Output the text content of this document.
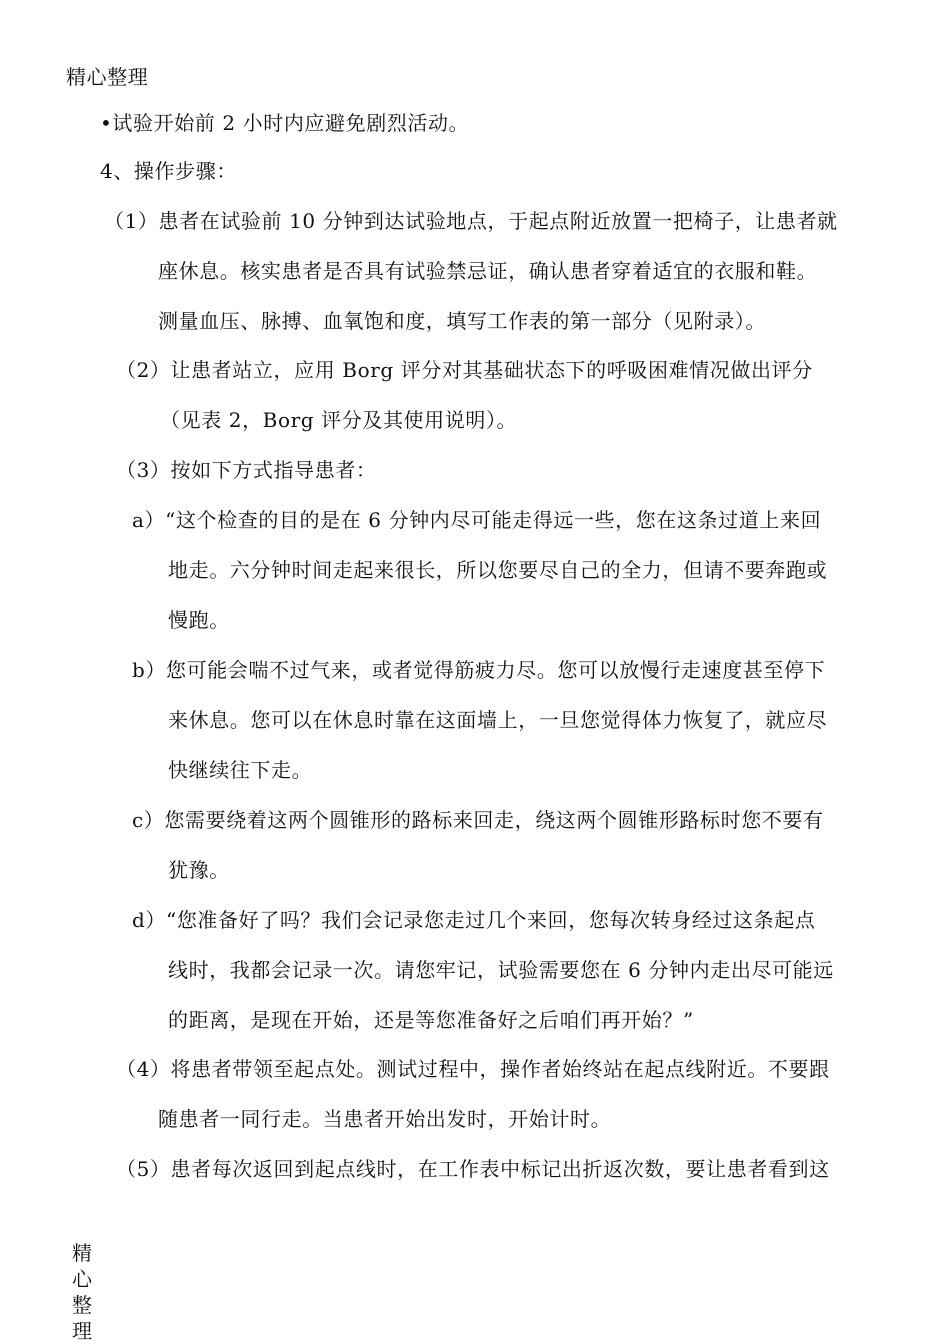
精心整理
•试验开始前 2 小时内应避免剧烈活动。
4、操作步骤：
（1）患者在试验前 10 分钟到达试验地点，于起点附近放置一把椅子，让患者就
座休息。核实患者是否具有试验禁忌证，确认患者穿着适宜的衣服和鞋。
测量血压、脉搏、血氧饱和度，填写工作表的第一部分（见附录）。
（2）让患者站立，应用 Borg 评分对其基础状态下的呼吸困难情况做出评分
（见表 2，Borg 评分及其使用说明）。
（3）按如下方式指导患者：
a）“这个检查的目的是在 6 分钟内尽可能走得远一些，您在这条过道上来回
地走。六分钟时间走起来很长，所以您要尽自己的全力，但请不要奔跑或
慢跑。
b）您可能会喘不过气来，或者觉得筋疲力尽。您可以放慢行走速度甚至停下
来休息。您可以在休息时靠在这面墙上，一旦您觉得体力恢复了，就应尽
快继续往下走。
c）您需要绕着这两个圆锥形的路标来回走，绕这两个圆锥形路标时您不要有
犹豫。
d）“您准备好了吗？我们会记录您走过几个来回，您每次转身经过这条起点
线时，我都会记录一次。请您牢记，试验需要您在 6 分钟内走出尽可能远
的距离，是现在开始，还是等您准备好之后咱们再开始？”
（4）将患者带领至起点处。测试过程中，操作者始终站在起点线附近。不要跟
随患者一同行走。当患者开始出发时，开始计时。
（5）患者每次返回到起点线时，在工作表中标记出折返次数，要让患者看到这
精心整理
